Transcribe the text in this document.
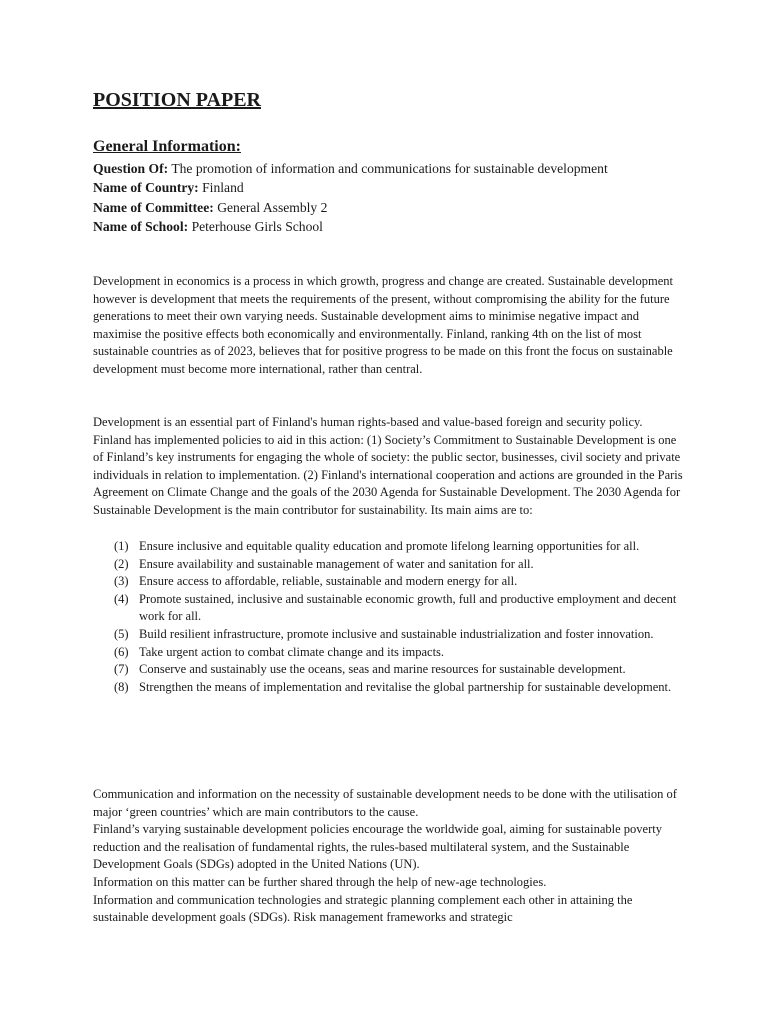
POSITION PAPER
General Information:

Question Of: The promotion of information and communications for sustainable development

Name of Country: Finland

Name of Committee: General Assembly 2

Name of School: Peterhouse Girls School

Development in economics is a process in which growth, progress and change are created. Sustainable development however is development that meets the requirements of the present, without compromising the ability for the future generations to meet their own varying needs. Sustainable development aims to minimise negative impact and maximise the positive effects both economically and environmentally. Finland, ranking 4th on the list of most sustainable countries as of 2023, believes that for positive progress to be made on this front the focus on sustainable development must become more international, rather than central.

Development is an essential part of Finland's human rights-based and value-based foreign and security policy. Finland has implemented policies to aid in this action: (1) Society’s Commitment to Sustainable Development is one of Finland’s key instruments for engaging the whole of society: the public sector, businesses, civil society and private individuals in relation to implementation. (2) Finland's international cooperation and actions are grounded in the Paris Agreement on Climate Change and the goals of the 2030 Agenda for Sustainable Development. The 2030 Agenda for Sustainable Development is the main contributor for sustainability. Its main aims are to:

(1) Ensure inclusive and equitable quality education and promote lifelong learning opportunities for all.
(2) Ensure availability and sustainable management of water and sanitation for all.
(3) Ensure access to affordable, reliable, sustainable and modern energy for all.
(4) Promote sustained, inclusive and sustainable economic growth, full and productive employment and decent work for all.
(5) Build resilient infrastructure, promote inclusive and sustainable industrialization and foster innovation.
(6) Take urgent action to combat climate change and its impacts.
(7) Conserve and sustainably use the oceans, seas and marine resources for sustainable development.
(8) Strengthen the means of implementation and revitalise the global partnership for sustainable development.

Communication and information on the necessity of sustainable development needs to be done with the utilisation of major ‘green countries’ which are main contributors to the cause.

Finland’s varying sustainable development policies encourage the worldwide goal, aiming for sustainable poverty reduction and the realisation of fundamental rights, the rules-based multilateral system, and the Sustainable Development Goals (SDGs) adopted in the United Nations (UN).

Information on this matter can be further shared through the help of new-age technologies.

Information and communication technologies and strategic planning complement each other in attaining the sustainable development goals (SDGs). Risk management frameworks and strategic
